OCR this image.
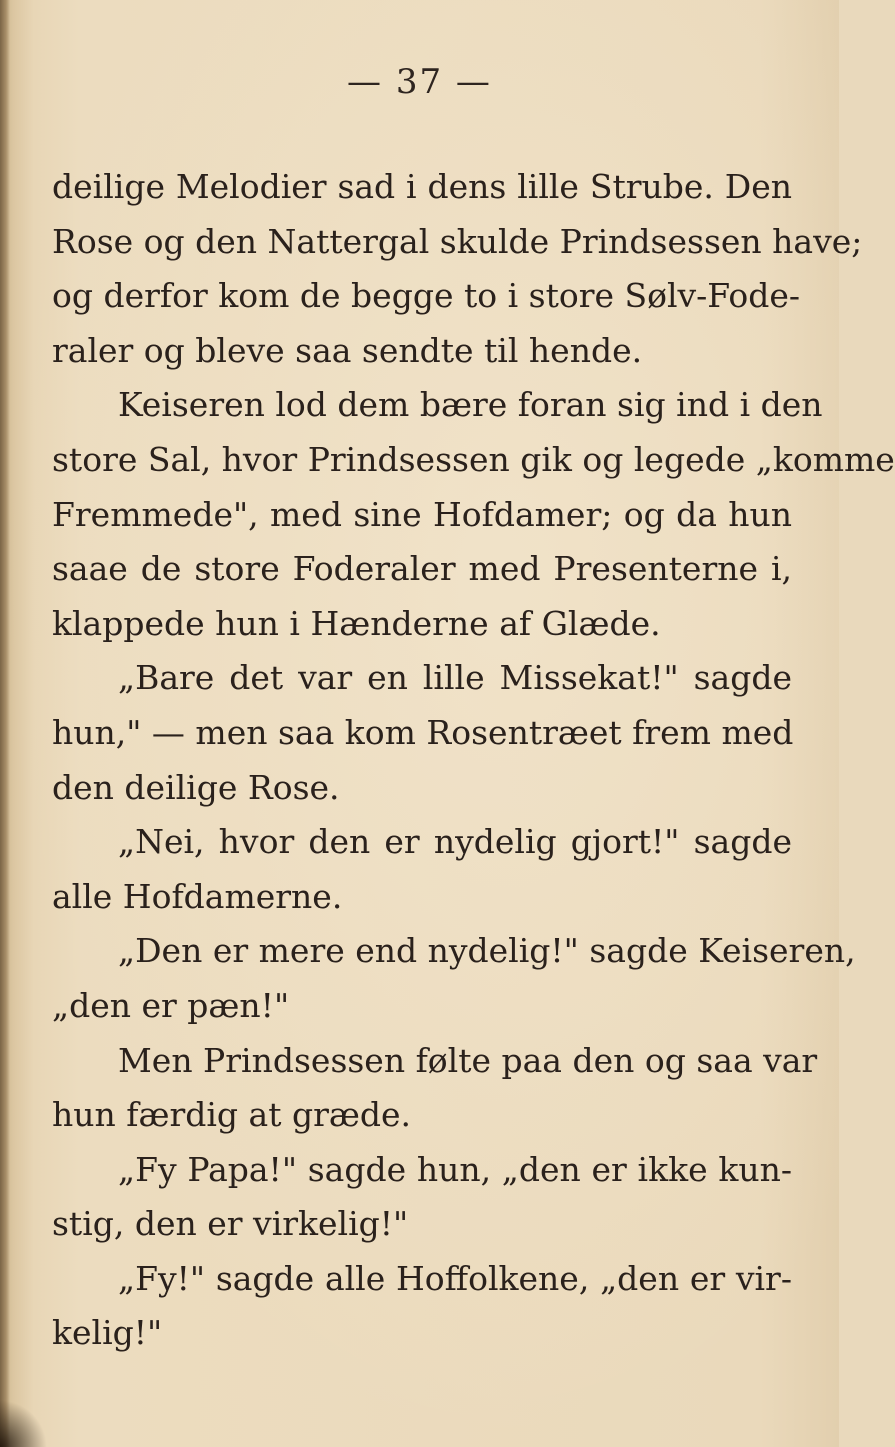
— 37 —
deilige Melodier sad i dens lille Strube. Den
Rose og den Nattergal skulde Prindsessen have;
og derfor kom de begge to i store Sølv-Fode-
raler og bleve saa sendte til hende.
Keiseren lod dem bære foran sig ind i den
store Sal, hvor Prindsessen gik og legede „komme
Fremmede", med sine Hofdamer; og da hun
saae de store Foderaler med Presenterne i,
klappede hun i Hænderne af Glæde.
„Bare det var en lille Missekat!" sagde
hun," — men saa kom Rosentræet frem med
den deilige Rose.
„Nei, hvor den er nydelig gjort!" sagde
alle Hofdamerne.
„Den er mere end nydelig!" sagde Keiseren,
„den er pæn!"
Men Prindsessen følte paa den og saa var
hun færdig at græde.
„Fy Papa!" sagde hun, „den er ikke kun-
stig, den er virkelig!"
„Fy!" sagde alle Hoffolkene, „den er vir-
kelig!"
